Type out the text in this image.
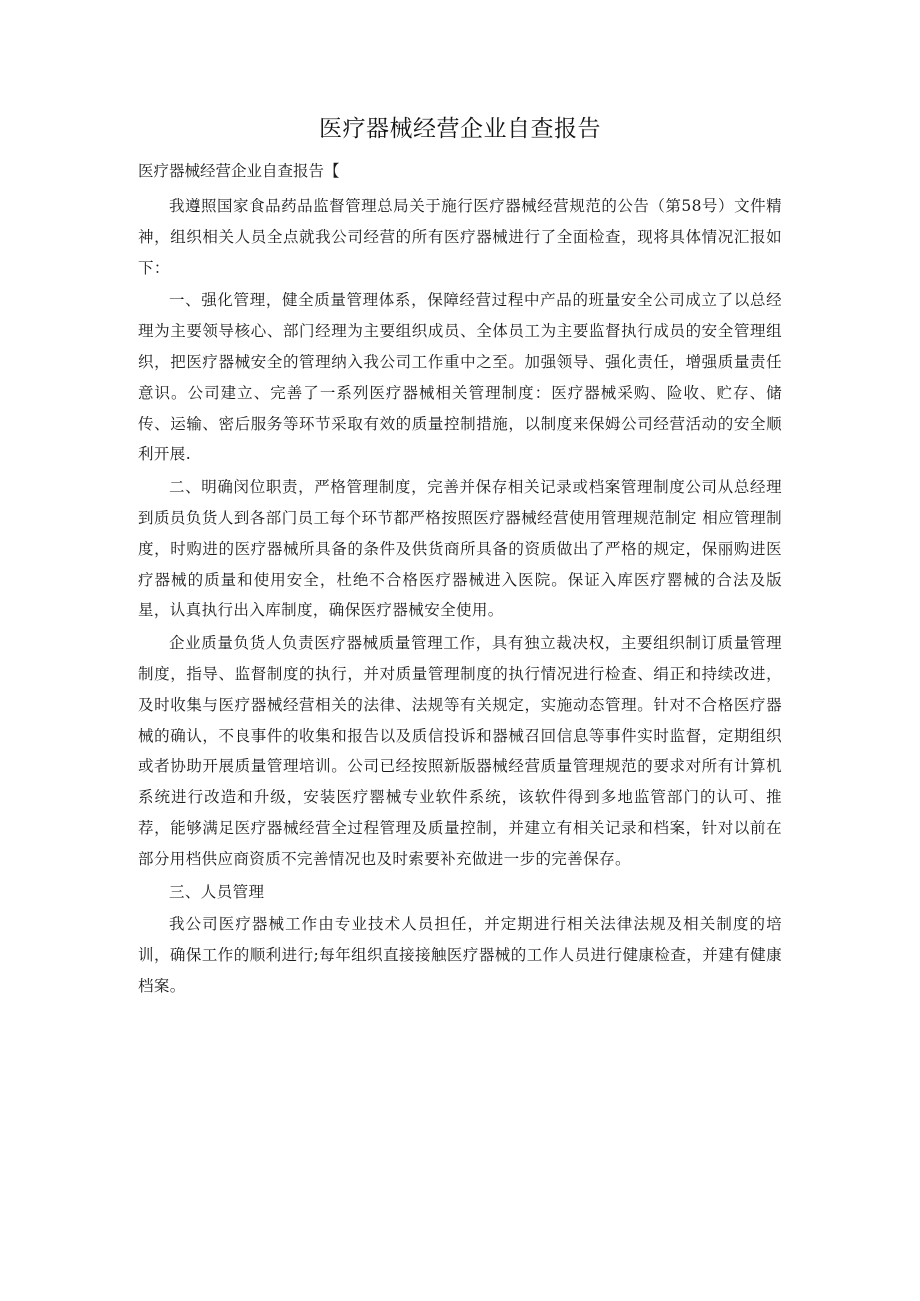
医疗器械经营企业自查报告
医疗器械经营企业自查报告【

我遵照国家食品药品监督管理总局关于施行医疗器械经营规范的公告（第58号）文件精神，组织相关人员全点就我公司经营的所有医疗器械进行了全面检查，现将具体情况汇报如下：

一、强化管理，健全质量管理体系，保障经营过程中产品的班量安全公司成立了以总经理为主要领导核心、部门经理为主要组织成员、全体员工为主要监督执行成员的安全管理组织，把医疗器械安全的管理纳入我公司工作重中之至。加强领导、强化责任，增强质量责任意识。公司建立、完善了一系列医疗器械相关管理制度：医疗器械采购、险收、贮存、储传、运输、密后服务等环节采取有效的质量控制措施，以制度来保姆公司经营活动的安全顺利开展.

二、明确闵位职责，严格管理制度，完善并保存相关记录或档案管理制度公司从总经理到质员负货人到各部门员工每个环节都严格按照医疗器械经营使用管理规范制定 相应管理制度，时购进的医疗器械所具备的条件及供货商所具备的资质做出了严格的规定，保丽购进医疗器械的质量和使用安全，杜绝不合格医疗器械进入医院。保证入库医疗罂械的合法及版星，认真执行出入库制度，确保医疗器械安全使用。

企业质量负货人负责医疗器械质量管理工作，具有独立裁决权，主要组织制订质量管理制度，指导、监督制度的执行，并对质量管理制度的执行情况进行检查、绢正和持续改进，及时收集与医疗器械经营相关的法律、法规等有关规定，实施动态管理。针对不合格医疗器械的确认，不良事件的收集和报告以及质信投诉和器械召回信息等事件实时监督，定期组织或者协助开展质量管理培训。公司已经按照新版器械经营质量管理规范的要求对所有计算机系统进行改造和升级，安装医疗罂械专业软件系统，该软件得到多地监管部门的认可、推荐，能够满足医疗器械经营全过程管理及质量控制，并建立有相关记录和档案，针对以前在部分用档供应商资质不完善情况也及时索要补充做进一步的完善保存。

三、人员管理

我公司医疗器械工作由专业技术人员担任，并定期进行相关法律法规及相关制度的培训，确保工作的顺利进行;每年组织直接接触医疗器械的工作人员进行健康检查，并建有健康档案。
